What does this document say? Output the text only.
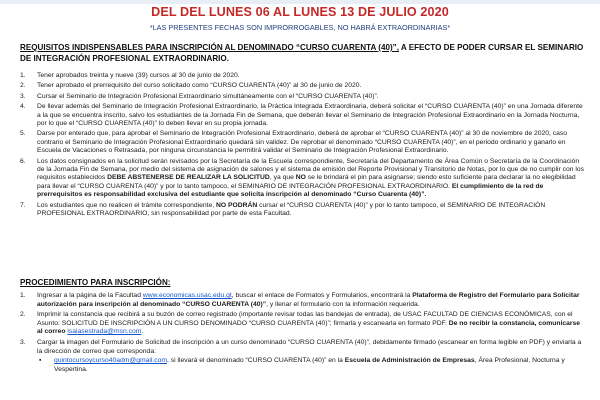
DEL DEL LUNES 06 AL LUNES 13 DE JULIO 2020
*LAS PRESENTES FECHAS SON IMPRORROGABLES, NO HABRÁ EXTRAORDINARIAS*
REQUISITOS INDISPENSABLES PARA INSCRIPCIÓN AL DENOMINADO “CURSO CUARENTA (40)”, A EFECTO DE PODER CURSAR EL SEMINARIO DE INTEGRACIÓN PROFESIONAL EXTRAORDINARIO.
1. Tener aprobados treinta y nueve (39) cursos al 30 de junio de 2020.
2. Tener aprobado el prerrequisito del curso solicitado como “CURSO CUARENTA (40)” al 30 de junio de 2020.
3. Cursar el Seminario de Integración Profesional Extraordinario simultáneamente con el “CURSO CUARENTA (40)”.
4. De llevar además del Seminario de Integración Profesional Extraordinario, la Práctica Integrada Extraordinaria, deberá solicitar el “CURSO CUARENTA (40)” en una Jornada diferente a la que se encuentra inscrito, salvo los estudiantes de la Jornada Fin de Semana, que deberán llevar el Seminario de Integración Profesional Extraordinario en la Jornada Nocturna, por lo que el “CURSO CUARENTA (40)” lo deben llevar en su propia jornada.
5. Darse por enterado que, para aprobar el Seminario de Integración Profesional Extraordinario, deberá de aprobar el “CURSO CUARENTA (40)” al 30 de noviembre de 2020, caso contrario el Seminario de Integración Profesional Extraordinario quedará sin validez. De reprobar el denominado “CURSO CUARENTA (40)”, en el periodo ordinario y ganarlo en Escuela de Vacaciones o Retrasada, por ninguna circunstancia le permitirá validar el Seminario de Integración Profesional Extraordinario.
6. Los datos consignados en la solicitud serán revisados por la Secretaría de la Escuela correspondiente, Secretaría del Departamento de Área Común o Secretaría de la Coordinación de la Jornada Fin de Semana, por medio del sistema de asignación de salones y el sistema de emisión del Reporte Provisional y Transitorio de Notas, por lo que de no cumplir con los requisitos establecidos DEBE ABSTENERSE DE REALIZAR LA SOLICITUD, ya que NO se le brindará el pin para asignarse; siendo esto suficiente para declarar la no elegibilidad para llevar el “CURSO CUARENTA (40)” y por lo tanto tampoco, el SEMINARIO DE INTEGRACIÓN PROFESIONAL EXTRAORDINARIO. El cumplimiento de la red de prerrequisitos es responsabilidad exclusiva del estudiante que solicita inscripción al denominado “Curso Cuarenta (40)”.
7. Los estudiantes que no realicen el trámite correspondiente, NO PODRÁN cursar el “CURSO CUARENTA (40)” y por lo tanto tampoco, el SEMINARIO DE INTEGRACIÓN PROFESIONAL EXTRAORDINARIO, sin responsabilidad por parte de esta Facultad.
PROCEDIMIENTO PARA INSCRIPCIÓN:
1. Ingresar a la página de la Facultad www.economicas.usac.edu.gt, buscar el enlace de Formatos y Formularios, encontrará la Plataforma de Registro del Formulario para Solicitar autorización para inscripción al denominado “CURSO CUARENTA (40)”, y llenar el formulario con la información requerida.
2. Imprimir la constancia que recibirá a su buzón de correo registrado (importante revisar todas las bandejas de entrada), de USAC FACULTAD DE CIENCIAS ECONÓMICAS, con el Asunto: SOLICITUD DE INSCRIPCIÓN A UN CURSO DENOMINADO “CURSO CUARENTA (40)”; firmarla y escanearla en formato PDF. De no recibir la constancia, comunicarse al correo isaiasestrada@msn.com.
3. Cargar la imagen del Formulario de Solicitud de inscripción a un curso denominado “CURSO CUARENTA (40)”, debidamente firmado (escanear en forma legible en PDF) y enviarla a la dirección de correo que corresponda:
▪ quintocursoycurso40adm@gmail.com, si llevará el denominado “CURSO CUARENTA (40)” en la Escuela de Administración de Empresas, Área Profesional, Nocturna y Vespertina.
